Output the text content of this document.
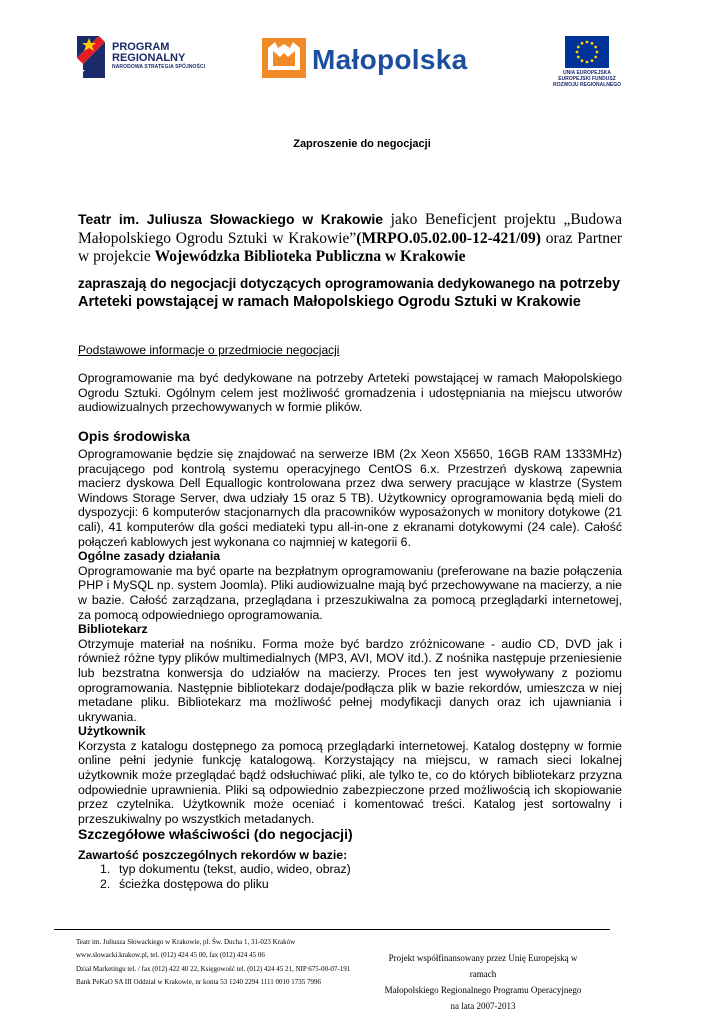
PROGRAM
REGIONALNY
NARODOWA STRATEGIA SPÓJNOŚCI	Małopolska	UNIA EUROPEJSKA
EUROPEJSKI FUNDUSZ
ROZWOJU REGIONALNEGO
Zaproszenie do negocjacji
Teatr im. Juliusza Słowackiego w Krakowie jako Beneficjent projektu „Budowa Małopolskiego Ogrodu Sztuki w Krakowie”(MRPO.05.02.00-12-421/09) oraz Partner w projekcie Wojewódzka Biblioteka Publiczna w Krakowie
zapraszają do negocjacji dotyczących oprogramowania dedykowanego na potrzeby Arteteki powstającej w ramach Małopolskiego Ogrodu Sztuki w Krakowie
Podstawowe informacje o przedmiocie negocjacji
Oprogramowanie ma być dedykowane na potrzeby Arteteki powstającej w ramach Małopolskiego Ogrodu Sztuki. Ogólnym celem jest możliwość gromadzenia i udostępniania na miejscu utworów audiowizualnych przechowywanych w formie plików.
Opis środowiska

Oprogramowanie będzie się znajdować na serwerze IBM (2x Xeon X5650, 16GB RAM 1333MHz) pracującego pod kontrolą systemu operacyjnego CentOS 6.x. Przestrzeń dyskową zapewnia macierz dyskowa Dell Equallogic kontrolowana przez dwa serwery pracujące w klastrze (System Windows Storage Server, dwa udziały 15 oraz 5 TB). Użytkownicy oprogramowania będą mieli do dyspozycji: 6 komputerów stacjonarnych dla pracowników wyposażonych w monitory dotykowe (21 cali), 41 komputerów dla gości mediateki typu all-in-one z ekranami dotykowymi (24 cale). Całość połączeń kablowych jest wykonana co najmniej w kategorii 6.

Ogólne zasady działania

Oprogramowanie ma być oparte na bezpłatnym oprogramowaniu (preferowane na bazie połączenia PHP i MySQL np. system Joomla). Pliki audiowizualne mają być przechowywane na macierzy, a nie w bazie. Całość zarządzana, przeglądana i przeszukiwalna za pomocą przeglądarki internetowej, za pomocą odpowiedniego oprogramowania.

Bibliotekarz

Otrzymuje materiał na nośniku. Forma może być bardzo zróżnicowane - audio CD, DVD jak i również różne typy plików multimedialnych (MP3, AVI, MOV itd.). Z nośnika następuje przeniesienie lub bezstratna konwersja do udziałów na macierzy. Proces ten jest wywoływany z poziomu oprogramowania. Następnie bibliotekarz dodaje/podłącza plik w bazie rekordów, umieszcza w niej metadane pliku. Bibliotekarz ma możliwość pełnej modyfikacji danych oraz ich ujawniania i ukrywania.

Użytkownik

Korzysta z katalogu dostępnego za pomocą przeglądarki internetowej. Katalog dostępny w formie online pełni jedynie funkcję katalogową. Korzystający na miejscu, w ramach sieci lokalnej użytkownik może przeglądać bądź odsłuchiwać pliki, ale tylko te, co do których bibliotekarz przyzna odpowiednie uprawnienia. Pliki są odpowiednio zabezpieczone przed możliwością ich skopiowanie przez czytelnika. Użytkownik może oceniać i komentować treści. Katalog jest sortowalny i przeszukiwalny po wszystkich metadanych.

Szczegółowe właściwości (do negocjacji)
Zawartość poszczególnych rekordów w bazie:
1. typ dokumentu (tekst, audio, wideo, obraz)
2. ścieżka dostępowa do pliku
Teatr im. Juliusza Słowackiego w Krakowie, pl. Św. Ducha 1, 31-023 Kraków
www.slowacki.krakow.pl, tel. (012) 424 45 00, fax (012) 424 45 06
Dział Marketingu tel. / fax (012) 422 40 22, Księgowość tel. (012) 424 45 21, NIP 675-00-07-191
Bank PeKaO SA III Oddział w Krakowie, nr konta 53 1240 2294 1111 0010 1735 7996
Projekt współfinansowany przez Unię Europejską w ramach
Małopolskiego Regionalnego Programu Operacyjnego
na lata 2007-2013
